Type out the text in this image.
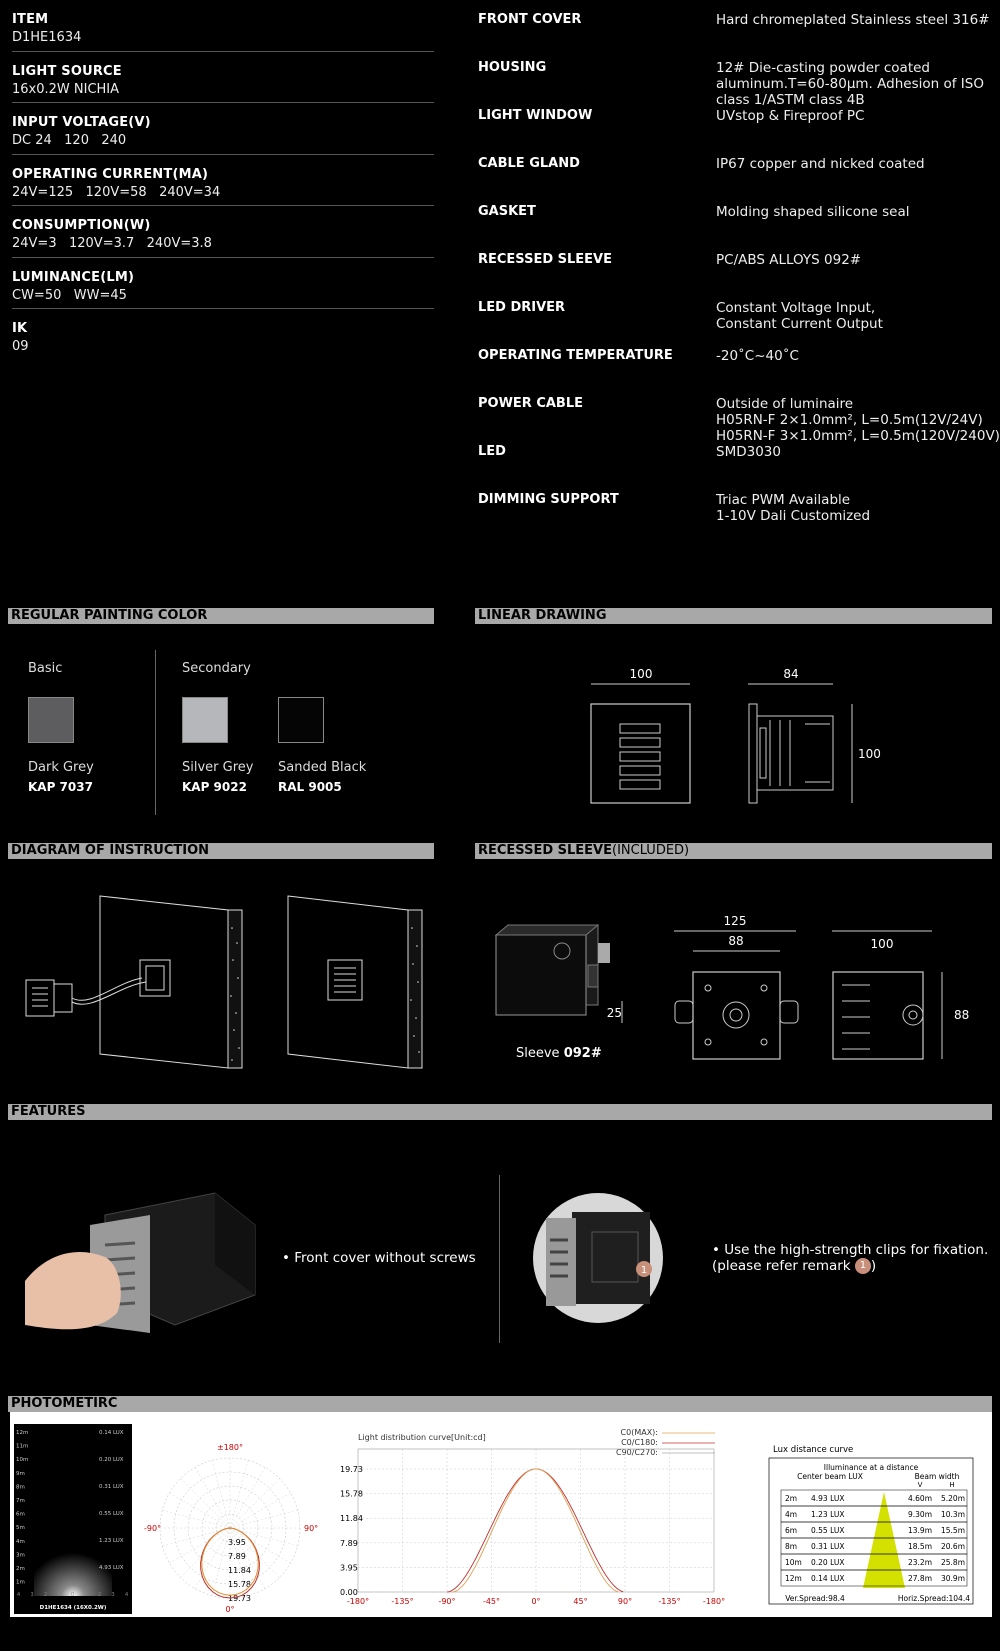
ITEM
D1HE1634
LIGHT SOURCE
16x0.2W NICHIA
INPUT VOLTAGE(V)
DC 24   120   240
OPERATING CURRENT(MA)
24V=125   120V=58   240V=34
CONSUMPTION(W)
24V=3   120V=3.7   240V=3.8
LUMINANCE(LM)
CW=50   WW=45
IK
09
FRONT COVER	Hard chromeplated Stainless steel 316#
HOUSING	12# Die-casting powder coated
aluminum.T=60-80μm. Adhesion of ISO
class 1/ASTM class 4B
LIGHT WINDOW	UVstop & Fireproof PC
CABLE GLAND	IP67 copper and nicked coated
GASKET	Molding shaped silicone seal
RECESSED SLEEVE	PC/ABS ALLOYS 092#
LED DRIVER	Constant Voltage Input,
Constant Current Output
OPERATING TEMPERATURE	-20˚C~40˚C
POWER CABLE	Outside of luminaire
H05RN-F 2×1.0mm², L=0.5m(12V/24V)
H05RN-F 3×1.0mm², L=0.5m(120V/240V)
LED	SMD3030
DIMMING SUPPORT	Triac PWM Available
1-10V Dali Customized
REGULAR PAINTING COLOR	LINEAR DRAWING
DIAGRAM OF INSTRUCTION	RECESSED SLEEVE(INCLUDED)
FEATURES
PHOTOMETIRC
Basic	Secondary
Dark Grey
KAP 7037
Silver Grey
KAP 9022
Sanded Black
RAL 9005
100	84
100
Sleeve 092#
125
88
25
100
88
• Front cover without screws
1
• Use the high-strength clips for fixation.
(please refer remark 1 )
12m
11m
10m
9m
8m
7m
6m
5m
4m
3m
2m
1m
0.14 LUX
0.20 LUX
0.31 LUX
0.55 LUX
1.23 LUX
4.93 LUX
4 3 2 1 0 1 2 3 4
D1HE1634 (16X0.2W)
±180°
-90°	90°
0°
3.95
7.89
11.84
15.78
19.73
Light distribution curve[Unit:cd]
C0(MAX):
C0/C180:
C90/C270:
19.73
15.78
11.84
7.89
3.95
0.00
-180°	-135°	-90°	-45°	0°	45°	90°	-135°	-180°
Lux distance curve
Illuminance at a distance
Center beam LUX	Beam width
V	H
2m 4.93 LUX	4.60m 5.20m
4m 1.23 LUX	9.30m 10.3m
6m 0.55 LUX	13.9m 15.5m
8m 0.31 LUX	18.5m 20.6m
10m 0.20 LUX	23.2m 25.8m
12m 0.14 LUX	27.8m 30.9m
Ver.Spread:98.4	Horiz.Spread:104.4
